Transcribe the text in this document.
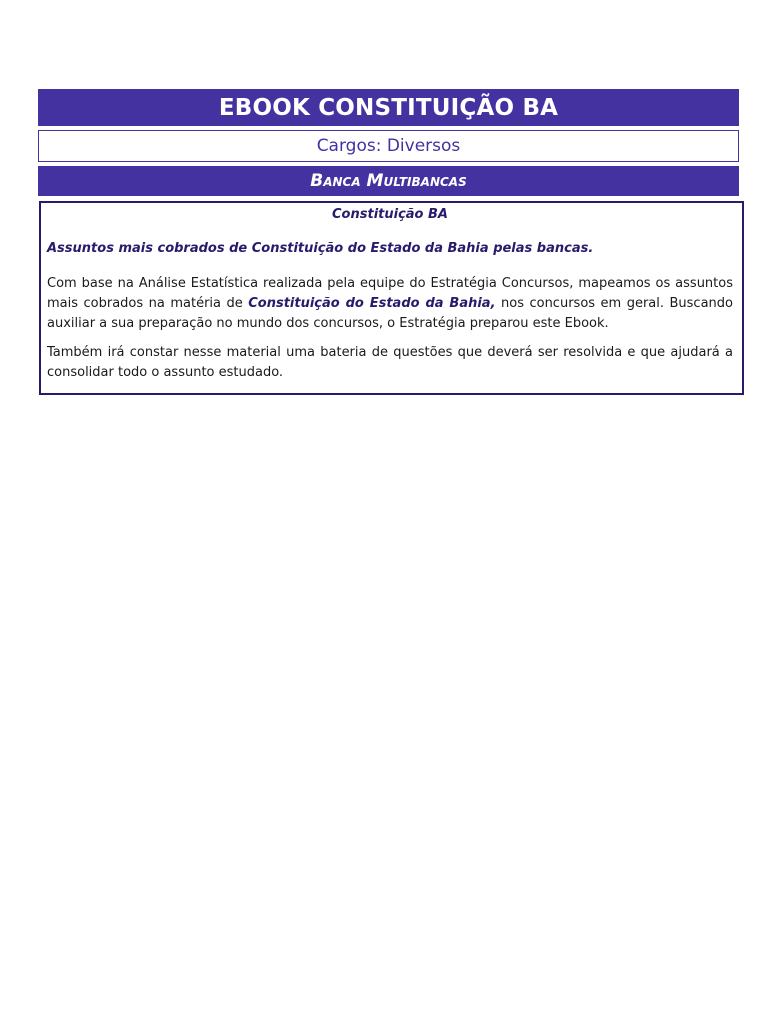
EBOOK CONSTITUIÇÃO BA
Cargos: Diversos
Banca Multibancas

Constituição BA

Assuntos mais cobrados de Constituição do Estado da Bahia pelas bancas.

Com base na Análise Estatística realizada pela equipe do Estratégia Concursos, mapeamos os assuntos mais cobrados na matéria de Constituição do Estado da Bahia, nos concursos em geral. Buscando auxiliar a sua preparação no mundo dos concursos, o Estratégia preparou este Ebook.

Também irá constar nesse material uma bateria de questões que deverá ser resolvida e que ajudará a consolidar todo o assunto estudado.
